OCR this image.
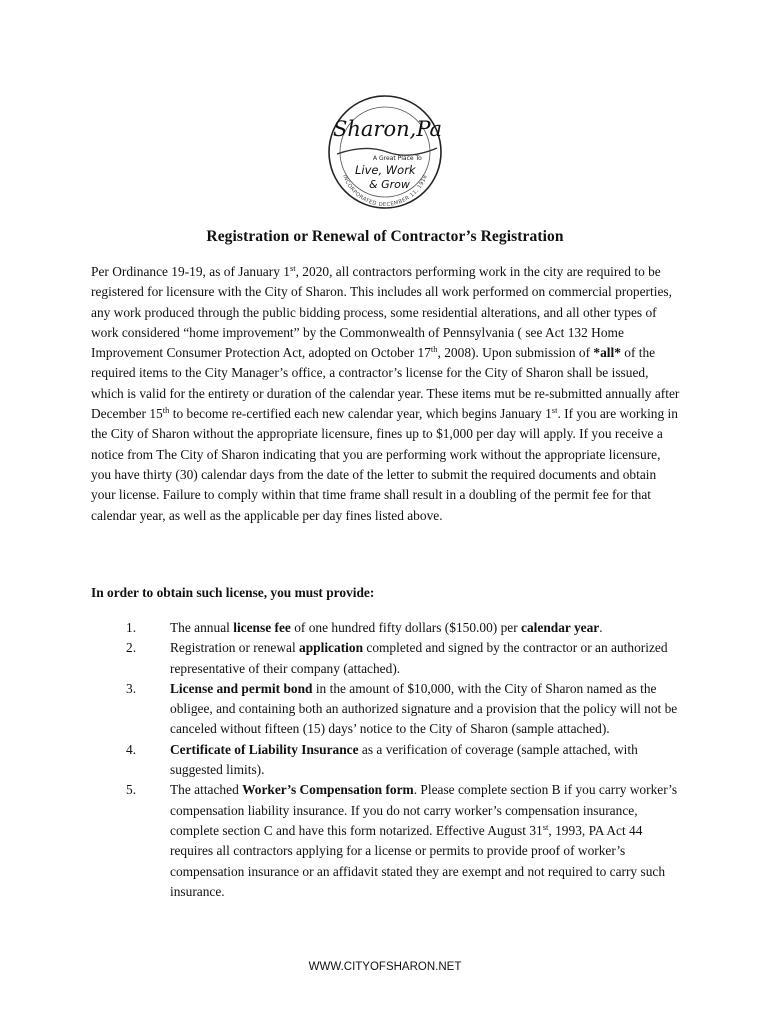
Sharon,Pa
A Great Place To
Live, Work
& Grow
INCORPORATED DECEMBER 11, 1918
Registration or Renewal of Contractor’s Registration

Per Ordinance 19-19, as of January 1st, 2020, all contractors performing work in the city are required to be registered for licensure with the City of Sharon. This includes all work performed on commercial properties, any work produced through the public bidding process, some residential alterations, and all other types of work considered “home improvement” by the Commonwealth of Pennsylvania ( see Act 132 Home Improvement Consumer Protection Act, adopted on October 17th, 2008). Upon submission of *all* of the required items to the City Manager’s office, a contractor’s license for the City of Sharon shall be issued, which is valid for the entirety or duration of the calendar year. These items mut be re-submitted annually after December 15th to become re-certified each new calendar year, which begins January 1st. If you are working in the City of Sharon without the appropriate licensure, fines up to $1,000 per day will apply. If you receive a notice from The City of Sharon indicating that you are performing work without the appropriate licensure, you have thirty (30) calendar days from the date of the letter to submit the required documents and obtain your license. Failure to comply within that time frame shall result in a doubling of the permit fee for that calendar year, as well as the applicable per day fines listed above.

In order to obtain such license, you must provide:

1.	The annual license fee of one hundred fifty dollars ($150.00) per calendar year.
2.	Registration or renewal application completed and signed by the contractor or an authorized representative of their company (attached).
3.	License and permit bond in the amount of $10,000, with the City of Sharon named as the obligee, and containing both an authorized signature and a provision that the policy will not be canceled without fifteen (15) days’ notice to the City of Sharon (sample attached).
4.	Certificate of Liability Insurance as a verification of coverage (sample attached, with suggested limits).
5.	The attached Worker’s Compensation form. Please complete section B if you carry worker’s compensation liability insurance. If you do not carry worker’s compensation insurance, complete section C and have this form notarized. Effective August 31st, 1993, PA Act 44 requires all contractors applying for a license or permits to provide proof of worker’s compensation insurance or an affidavit stated they are exempt and not required to carry such insurance.
WWW.CITYOFSHARON.NET
